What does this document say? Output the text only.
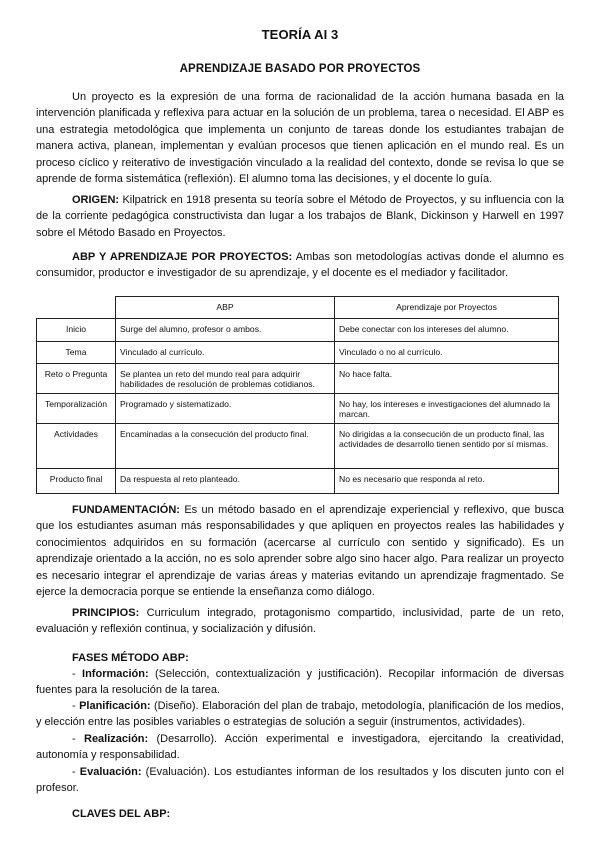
TEORÍA AI 3
APRENDIZAJE BASADO POR PROYECTOS
Un proyecto es la expresión de una forma de racionalidad de la acción humana basada en la intervención planificada y reflexiva para actuar en la solución de un problema, tarea o necesidad. El ABP es una estrategia metodológica que implementa un conjunto de tareas donde los estudiantes trabajan de manera activa, planean, implementan y evalúan procesos que tienen aplicación en el mundo real. Es un proceso cíclico y reiterativo de investigación vinculado a la realidad del contexto, donde se revisa lo que se aprende de forma sistemática (reflexión). El alumno toma las decisiones, y el docente lo guía.
ORIGEN: Kilpatrick en 1918 presenta su teoría sobre el Método de Proyectos, y su influencia con la de la corriente pedagógica constructivista dan lugar a los trabajos de Blank, Dickinson y Harwell en 1997 sobre el Método Basado en Proyectos.
ABP Y APRENDIZAJE POR PROYECTOS: Ambas son metodologías activas donde el alumno es consumidor, productor e investigador de su aprendizaje, y el docente es el mediador y facilitador.
	ABP	Aprendizaje por Proyectos
Inicio	Surge del alumno, profesor o ambos.	Debe conectar con los intereses del alumno.
Tema	Vinculado al currículo.	Vinculado o no al currículo.
Reto o Pregunta	Se plantea un reto del mundo real para adquirir habilidades de resolución de problemas cotidianos.	No hace falta.
Temporalización	Programado y sistematizado.	No hay, los intereses e investigaciones del alumnado la marcan.
Actividades	Encaminadas a la consecución del producto final.	No dirigidas a la consecución de un producto final, las actividades de desarrollo tienen sentido por sí mismas.
Producto final	Da respuesta al reto planteado.	No es necesario que responda al reto.
FUNDAMENTACIÓN: Es un método basado en el aprendizaje experiencial y reflexivo, que busca que los estudiantes asuman más responsabilidades y que apliquen en proyectos reales las habilidades y conocimientos adquiridos en su formación (acercarse al currículo con sentido y significado). Es un aprendizaje orientado a la acción, no es solo aprender sobre algo sino hacer algo. Para realizar un proyecto es necesario integrar el aprendizaje de varias áreas y materias evitando un aprendizaje fragmentado. Se ejerce la democracia porque se entiende la enseñanza como diálogo.
PRINCIPIOS: Curriculum integrado, protagonismo compartido, inclusividad, parte de un reto, evaluación y reflexión continua, y socialización y difusión.
FASES MÉTODO ABP:
- Información: (Selección, contextualización y justificación). Recopilar información de diversas fuentes para la resolución de la tarea.
- Planificación: (Diseño). Elaboración del plan de trabajo, metodología, planificación de los medios, y elección entre las posibles variables o estrategias de solución a seguir (instrumentos, actividades).
- Realización: (Desarrollo). Acción experimental e investigadora, ejercitando la creatividad, autonomía y responsabilidad.
- Evaluación: (Evaluación). Los estudiantes informan de los resultados y los discuten junto con el profesor.
CLAVES DEL ABP:
